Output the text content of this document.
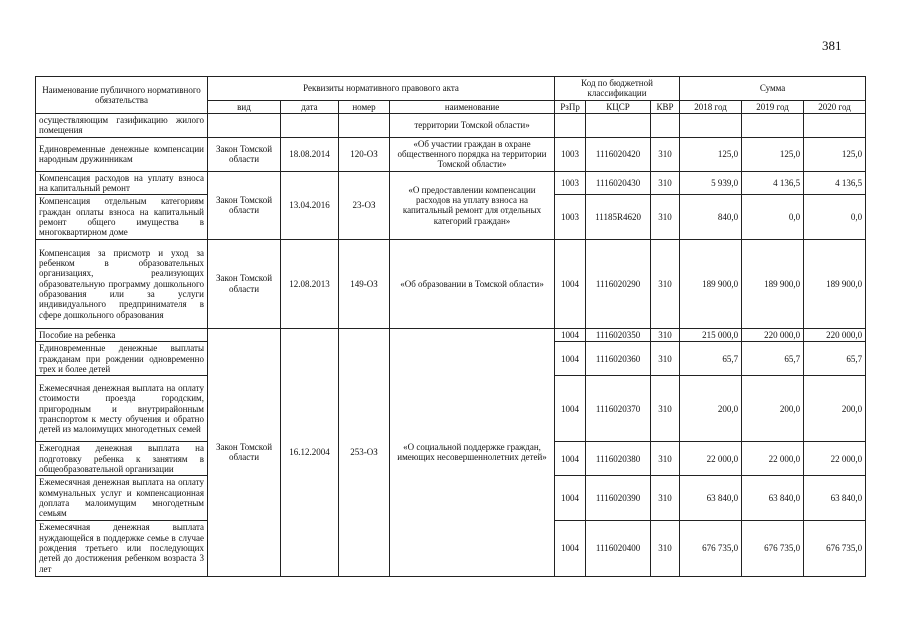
381
Наименование публичного нормативного обязательства	Реквизиты нормативного правового акта				Код по бюджетной классификации			Сумма		
	вид	дата	номер	наименование	РзПр	КЦСР	КВР	2018 год	2019 год	2020 год
осуществляющим газификацию жилого помещения				территории Томской области»						
Единовременные денежные компенсации народным дружинникам	Закон Томской области	18.08.2014	120-ОЗ	«Об участии граждан в охране общественного порядка на территории Томской области»	1003	1116020420	310	125,0	125,0	125,0
Компенсация расходов на уплату взноса на капитальный ремонт	Закон Томской области	13.04.2016	23-ОЗ	«О предоставлении компенсации расходов на уплату взноса на капитальный ремонт для отдельных категорий граждан»	1003	1116020430	310	5 939,0	4 136,5	4 136,5
Компенсация отдельным категориям граждан оплаты взноса на капитальный ремонт общего имущества в многоквартирном доме					1003	11185R4620	310	840,0	0,0	0,0
Компенсация за присмотр и уход за ребенком в образовательных организациях, реализующих образовательную программу дошкольного образования или за услуги индивидуального предпринимателя в сфере дошкольного образования	Закон Томской области	12.08.2013	149-ОЗ	«Об образовании в Томской области»	1004	1116020290	310	189 900,0	189 900,0	189 900,0
Пособие на ребенка	Закон Томской области	16.12.2004	253-ОЗ	«О социальной поддержке граждан, имеющих несовершеннолетних детей»	1004	1116020350	310	215 000,0	220 000,0	220 000,0
Единовременные денежные выплаты гражданам при рождении одновременно трех и более детей					1004	1116020360	310	65,7	65,7	65,7
Ежемесячная денежная выплата на оплату стоимости проезда городским, пригородным и внутрирайонным транспортом к месту обучения и обратно детей из малоимущих многодетных семей					1004	1116020370	310	200,0	200,0	200,0
Ежегодная денежная выплата на подготовку ребенка к занятиям в общеобразовательной организации					1004	1116020380	310	22 000,0	22 000,0	22 000,0
Ежемесячная денежная выплата на оплату коммунальных услуг и компенсационная доплата малоимущим многодетным семьям					1004	1116020390	310	63 840,0	63 840,0	63 840,0
Ежемесячная денежная выплата нуждающейся в поддержке семье в случае рождения третьего или последующих детей до достижения ребенком возраста 3 лет					1004	1116020400	310	676 735,0	676 735,0	676 735,0
